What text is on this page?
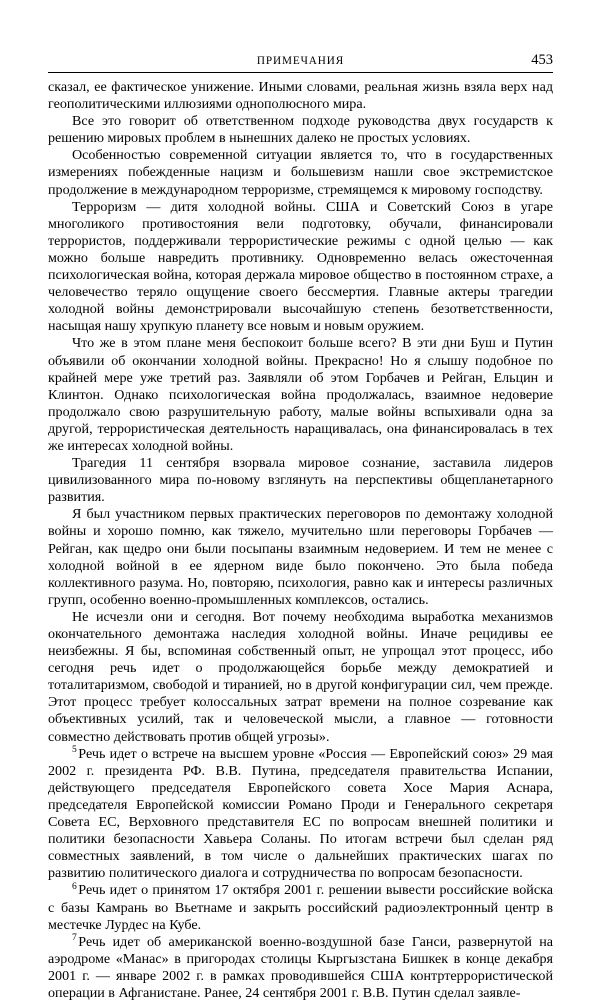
ПРИМЕЧАНИЯ	453

сказал, ее фактическое унижение. Иными словами, реальная жизнь взяла верх над геополитическими иллюзиями однополюсного мира.

Все это говорит об ответственном подходе руководства двух государств к решению мировых проблем в нынешних далеко не простых условиях.

Особенностью современной ситуации является то, что в государственных измерениях побежденные нацизм и большевизм нашли свое экстремистское продолжение в международном терроризме, стремящемся к мировому господству.

Терроризм — дитя холодной войны. США и Советский Союз в угаре многоликого противостояния вели подготовку, обучали, финансировали террористов, поддерживали террористические режимы с одной целью — как можно больше навредить противнику. Одновременно велась ожесточенная психологическая война, которая держала мировое общество в постоянном страхе, а человечество теряло ощущение своего бессмертия. Главные актеры трагедии холодной войны демонстрировали высочайшую степень безответственности, насыщая нашу хрупкую планету все новым и новым оружием.

Что же в этом плане меня беспокоит больше всего? В эти дни Буш и Путин объявили об окончании холодной войны. Прекрасно! Но я слышу подобное по крайней мере уже третий раз. Заявляли об этом Горбачев и Рейган, Ельцин и Клинтон. Однако психологическая война продолжалась, взаимное недоверие продолжало свою разрушительную работу, малые войны вспыхивали одна за другой, террористическая деятельность наращивалась, она финансировалась в тех же интересах холодной войны.

Трагедия 11 сентября взорвала мировое сознание, заставила лидеров цивилизованного мира по-новому взглянуть на перспективы общепланетарного развития.

Я был участником первых практических переговоров по демонтажу холодной войны и хорошо помню, как тяжело, мучительно шли переговоры Горбачев — Рейган, как щедро они были посыпаны взаимным недоверием. И тем не менее с холодной войной в ее ядерном виде было покончено. Это была победа коллективного разума. Но, повторяю, психология, равно как и интересы различных групп, особенно военно-промышленных комплексов, остались.

Не исчезли они и сегодня. Вот почему необходима выработка механизмов окончательного демонтажа наследия холодной войны. Иначе рецидивы ее неизбежны. Я бы, вспоминая собственный опыт, не упрощал этот процесс, ибо сегодня речь идет о продолжающейся борьбе между демократией и тоталитаризмом, свободой и тиранией, но в другой конфигурации сил, чем прежде. Этот процесс требует колоссальных затрат времени на полное созревание как объективных усилий, так и человеческой мысли, а главное — готовности совместно действовать против общей угрозы».

$^5$ Речь идет о встрече на высшем уровне «Россия — Европейский союз» 29 мая 2002 г. президента РФ. В.В. Путина, председателя правительства Испании, действующего председателя Европейского совета Хосе Мария Аснара, председателя Европейской комиссии Романо Проди и Генерального секретаря Совета ЕС, Верховного представителя ЕС по вопросам внешней политики и политики безопасности Хавьера Соланы. По итогам встречи был сделан ряд совместных заявлений, в том числе о дальнейших практических шагах по развитию политического диалога и сотрудничества по вопросам безопасности.

$^6$ Речь идет о принятом 17 октября 2001 г. решении вывести российские войска с базы Камрань во Вьетнаме и закрыть российский радиоэлектронный центр в местечке Лурдес на Кубе.

$^7$ Речь идет об американской военно-воздушной базе Ганси, развернутой на аэродроме «Манас» в пригородах столицы Кыргызстана Бишкек в конце декабря 2001 г. — январе 2002 г. в рамках проводившейся США контртеррористической операции в Афганистане. Ранее, 24 сентября 2001 г. В.В. Путин сделал заявле-
